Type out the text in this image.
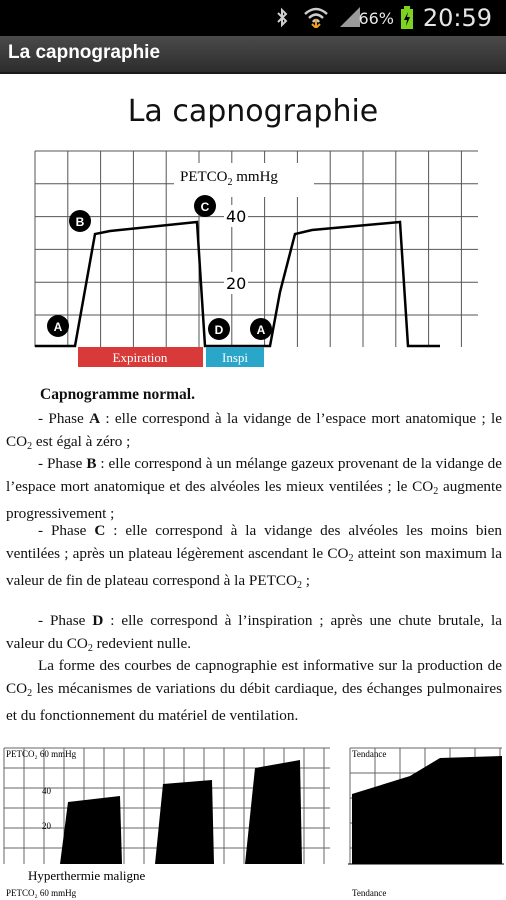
66% 20:59
La capnographie
La capnographie
$PETCO_2$ mmHg
40
20
A
B
C
D	A
Expiration	Inspi
Capnogramme normal.

- Phase A : elle correspond à la vidange de l’espace mort anatomique ; le $CO_2$ est égal à zéro ;

- Phase B : elle correspond à un mélange gazeux provenant de la vidange de l’espace mort anatomique et des alvéoles les mieux ventilées ; le $CO_2$ augmente progressivement ;

- Phase C : elle correspond à la vidange des alvéoles les moins bien ventilées ; après un plateau légèrement ascendant le $CO_2$ atteint son maximum la valeur de fin de plateau correspond à la $PETCO_2$ ;

- Phase D : elle correspond à l’inspiration ; après une chute brutale, la valeur du $CO_2$ redevient nulle.

La forme des courbes de capnographie est informative sur la production de $CO_2$ les mécanismes de variations du débit cardiaque, des échanges pulmonaires et du fonctionnement du matériel de ventilation.

PETCO₂ 60 mmHg
40
20
Tendance
Hyperthermie maligne
PETCO₂ 60 mmHg	Tendance
